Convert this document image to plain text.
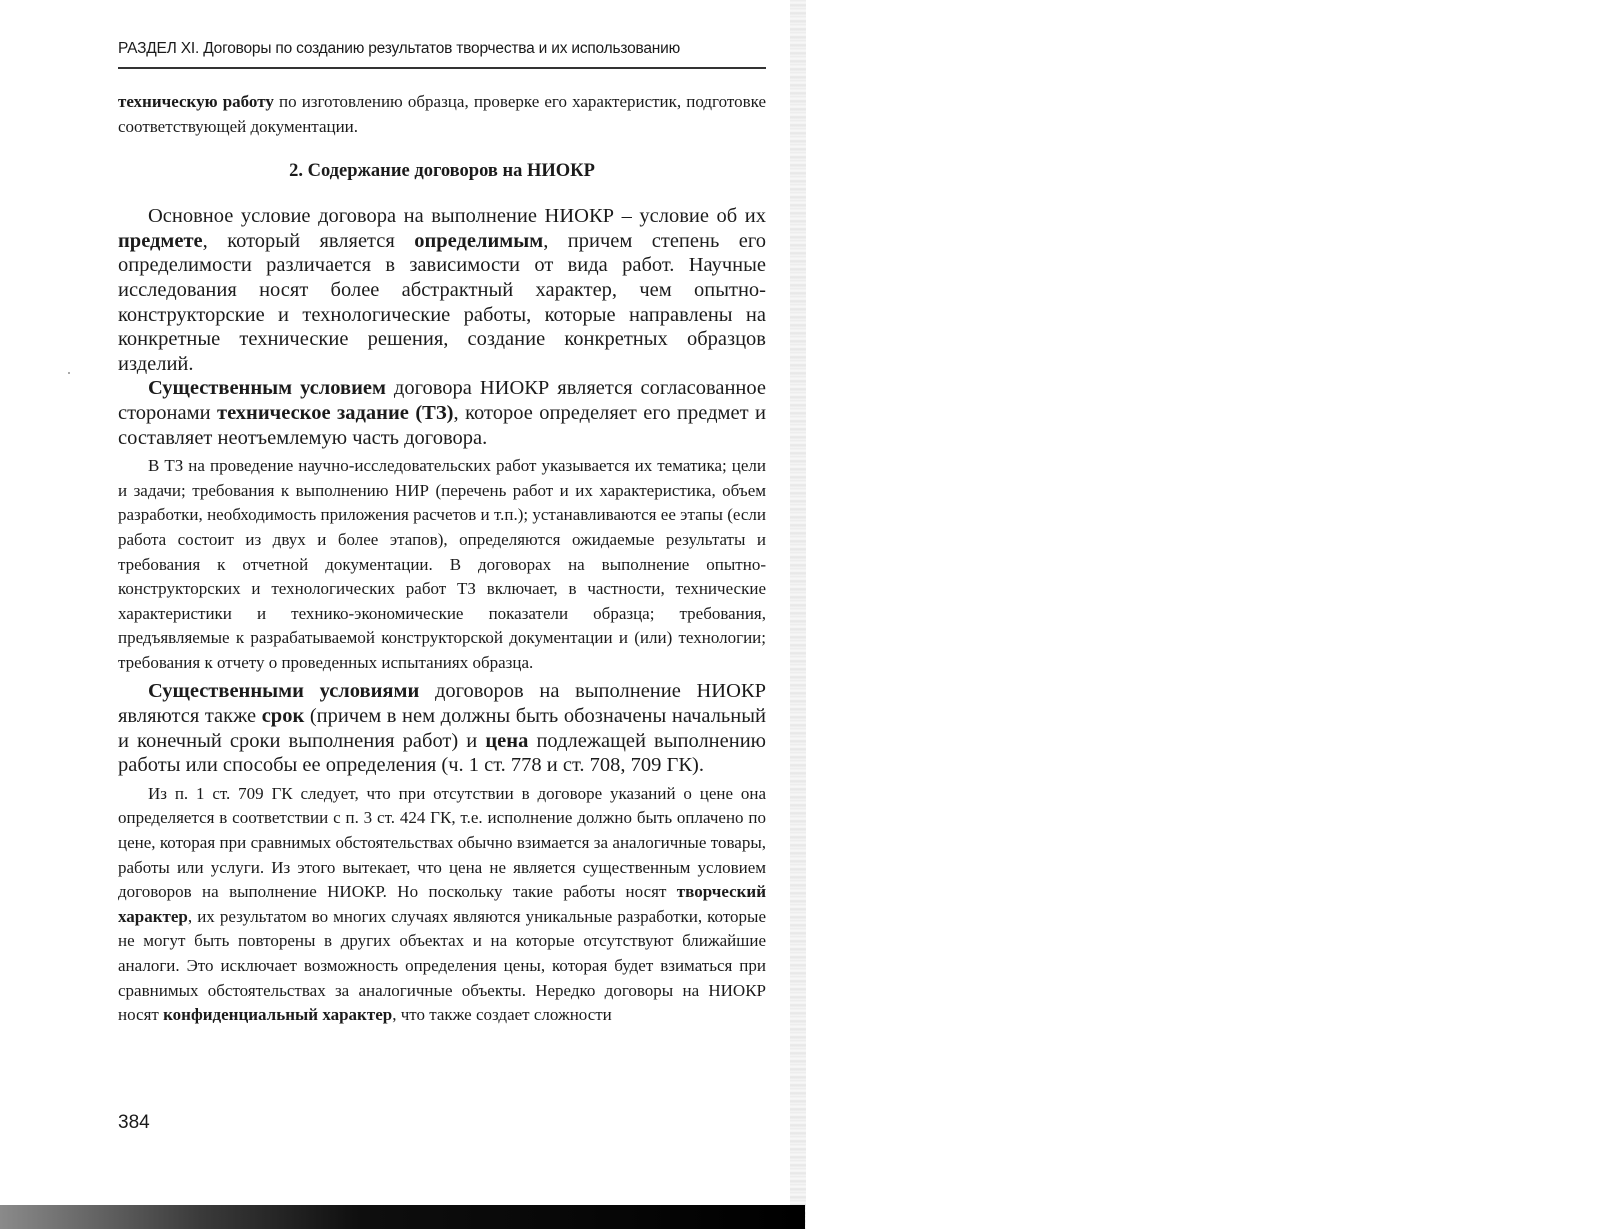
РАЗДЕЛ XI. Договоры по созданию результатов творчества и их использованию

техническую работу по изготовлению образца, проверке его характеристик, подготовке соответствующей документации.

2. Содержание договоров на НИОКР

Основное условие договора на выполнение НИОКР – условие об их предмете, который является определимым, причем степень его определимости различается в зависимости от вида работ. Научные исследования носят более абстрактный характер, чем опытно-конструкторские и технологические работы, которые направлены на конкретные технические решения, создание конкретных образцов изделий.

Существенным условием договора НИОКР является согласованное сторонами техническое задание (ТЗ), которое определяет его предмет и составляет неотъемлемую часть договора.

В ТЗ на проведение научно-исследовательских работ указывается их тематика; цели и задачи; требования к выполнению НИР (перечень работ и их характеристика, объем разработки, необходимость приложения расчетов и т.п.); устанавливаются ее этапы (если работа состоит из двух и более этапов), определяются ожидаемые результаты и требования к отчетной документации. В договорах на выполнение опытно-конструкторских и технологических работ ТЗ включает, в частности, технические характеристики и технико-экономические показатели образца; требования, предъявляемые к разрабатываемой конструкторской документации и (или) технологии; требования к отчету о проведенных испытаниях образца.

Существенными условиями договоров на выполнение НИОКР являются также срок (причем в нем должны быть обозначены начальный и конечный сроки выполнения работ) и цена подлежащей выполнению работы или способы ее определения (ч. 1 ст. 778 и ст. 708, 709 ГК).

Из п. 1 ст. 709 ГК следует, что при отсутствии в договоре указаний о цене она определяется в соответствии с п. 3 ст. 424 ГК, т.е. исполнение должно быть оплачено по цене, которая при сравнимых обстоятельствах обычно взимается за аналогичные товары, работы или услуги. Из этого вытекает, что цена не является существенным условием договоров на выполнение НИОКР. Но поскольку такие работы носят творческий характер, их результатом во многих случаях являются уникальные разработки, которые не могут быть повторены в других объектах и на которые отсутствуют ближайшие аналоги. Это исключает возможность определения цены, которая будет взиматься при сравнимых обстоятельствах за аналогичные объекты. Нередко договоры на НИОКР носят конфиденциальный характер, что также создает сложности

384
